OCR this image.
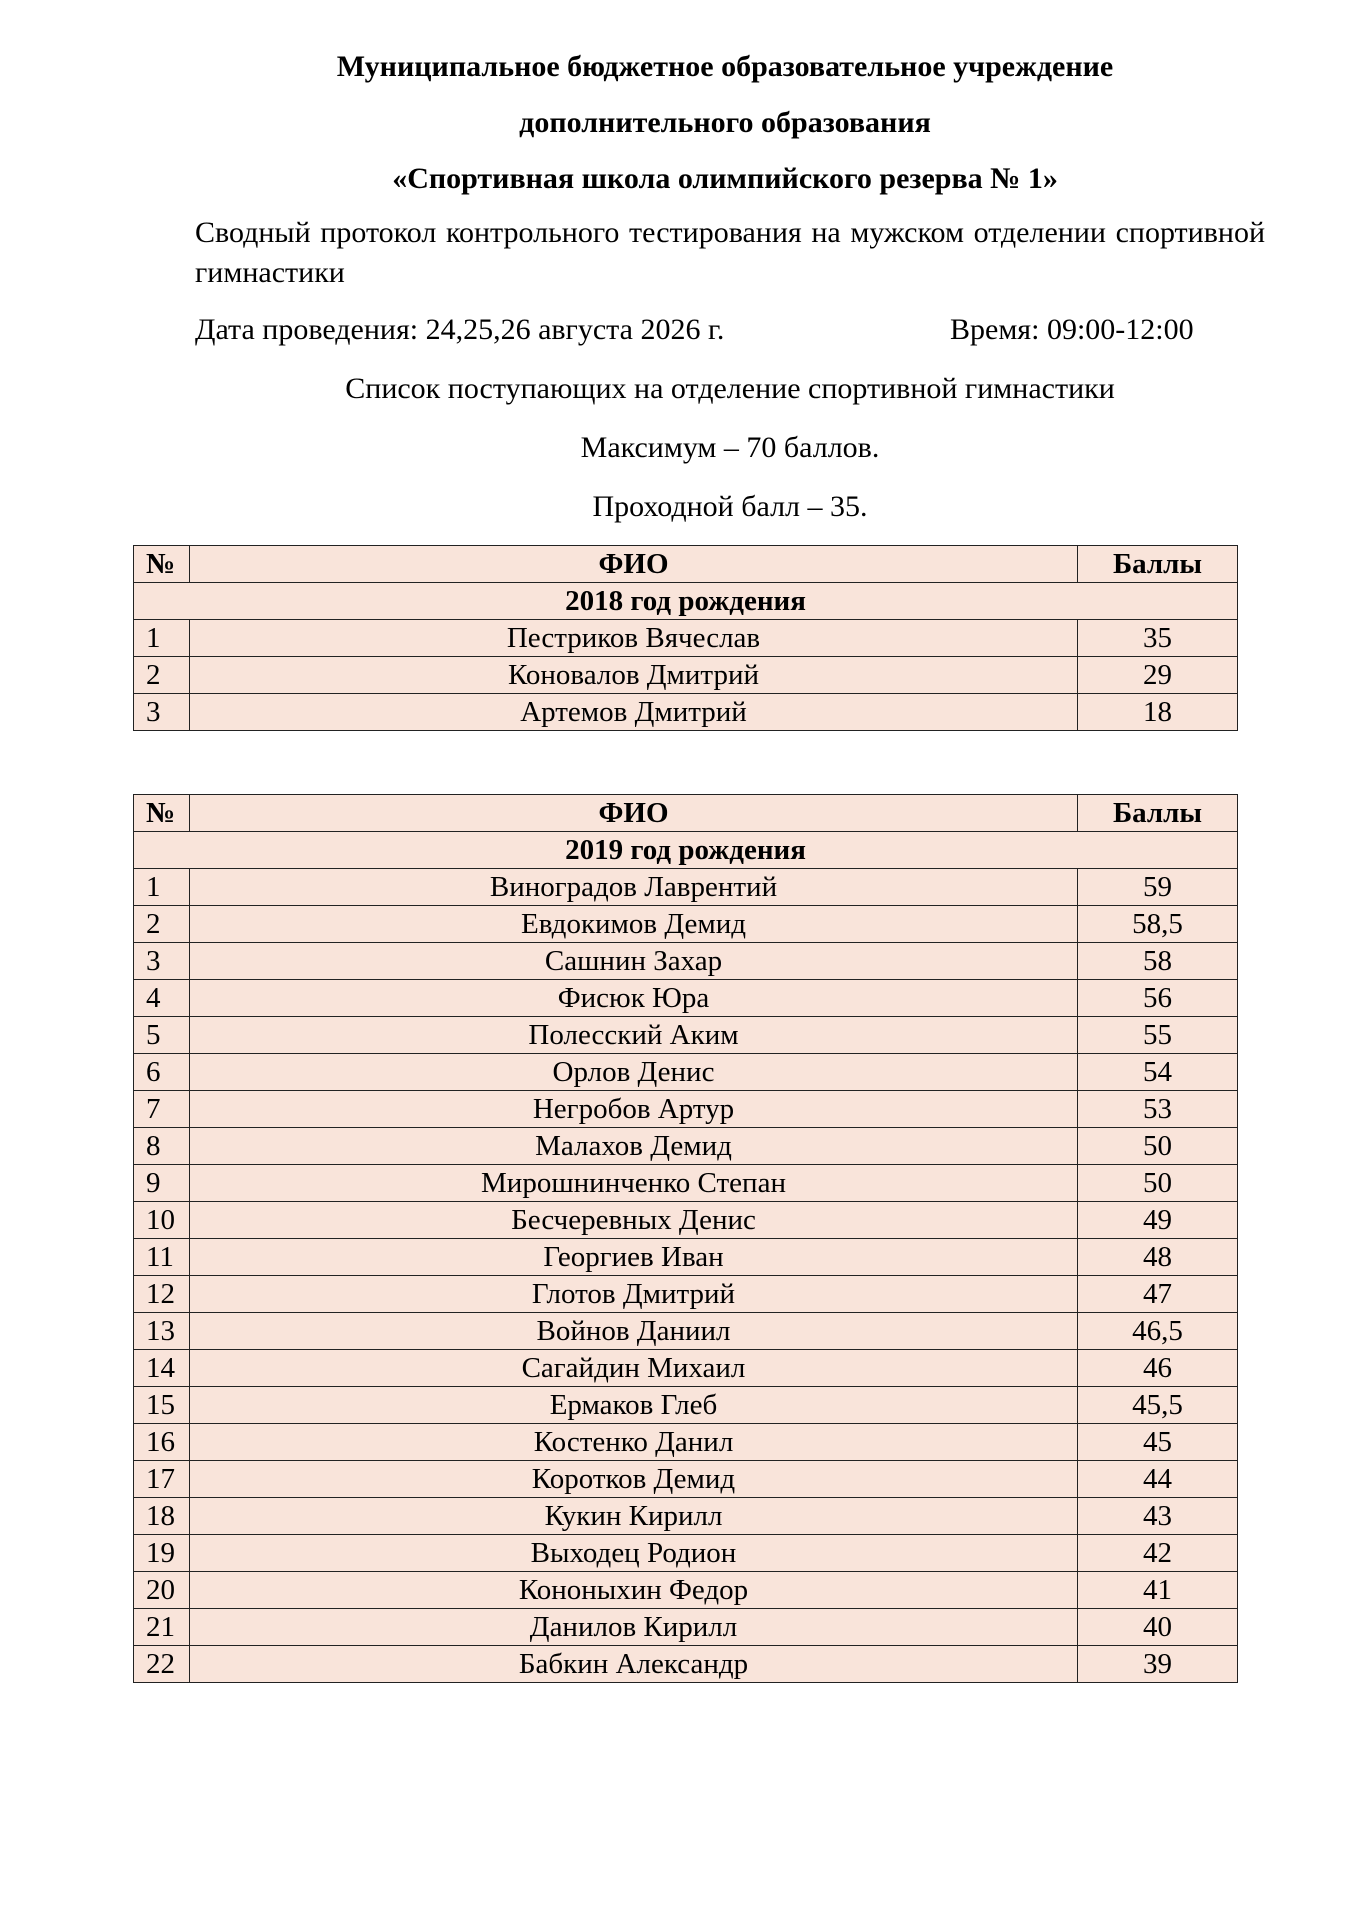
Муниципальное бюджетное образовательное учреждение
дополнительного образования
«Спортивная школа олимпийского резерва № 1»
Сводный протокол контрольного тестирования на мужском отделении спортивной гимнастики
Дата проведения: 24,25,26 августа 2026 г.	Время: 09:00-12:00
Список поступающих на отделение спортивной гимнастики
Максимум – 70 баллов.
Проходной балл – 35.
№	ФИО	Баллы
2018 год рождения		
1	Пестриков Вячеслав	35
2	Коновалов Дмитрий	29
3	Артемов Дмитрий	18
№	ФИО	Баллы
2019 год рождения		
1	Виноградов Лаврентий	59
2	Евдокимов Демид	58,5
3	Сашнин Захар	58
4	Фисюк Юра	56
5	Полесский Аким	55
6	Орлов Денис	54
7	Негробов Артур	53
8	Малахов Демид	50
9	Мирошнинченко Степан	50
10	Бесчеревных Денис	49
11	Георгиев Иван	48
12	Глотов Дмитрий	47
13	Войнов Даниил	46,5
14	Сагайдин Михаил	46
15	Ермаков Глеб	45,5
16	Костенко Данил	45
17	Коротков Демид	44
18	Кукин Кирилл	43
19	Выходец Родион	42
20	Кононыхин Федор	41
21	Данилов Кирилл	40
22	Бабкин Александр	39
